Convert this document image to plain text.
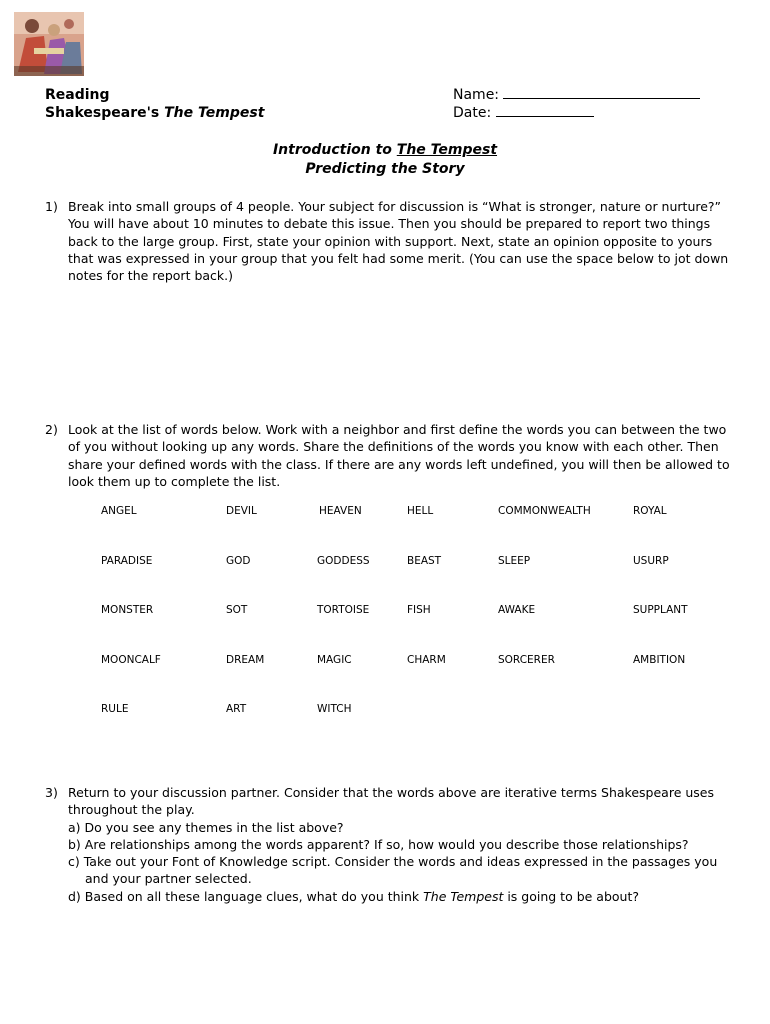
Reading
Shakespeare's The Tempest
Name:
Date:
Introduction to The Tempest
Predicting the Story
1) Break into small groups of 4 people. Your subject for discussion is “What is stronger, nature or nurture?”
You will have about 10 minutes to debate this issue. Then you should be prepared to report two things
back to the large group. First, state your opinion with support. Next, state an opinion opposite to yours
that was expressed in your group that you felt had some merit. (You can use the space below to jot down
notes for the report back.)
2) Look at the list of words below. Work with a neighbor and first define the words you can between the two
of you without looking up any words. Share the definitions of the words you know with each other. Then
share your defined words with the class. If there are any words left undefined, you will then be allowed to
look them up to complete the list.
ANGEL	DEVIL	HEAVEN	HELL	COMMONWEALTH	ROYAL
PARADISE	GOD	GODDESS	BEAST	SLEEP	USURP
MONSTER	SOT	TORTOISE	FISH	AWAKE	SUPPLANT
MOONCALF	DREAM	MAGIC	CHARM	SORCERER	AMBITION
RULE	ART	WITCH
3) Return to your discussion partner. Consider that the words above are iterative terms Shakespeare uses
throughout the play.
a) Do you see any themes in the list above?
b) Are relationships among the words apparent? If so, how would you describe those relationships?
c) Take out your Font of Knowledge script. Consider the words and ideas expressed in the passages you
and your partner selected.
d) Based on all these language clues, what do you think The Tempest is going to be about?
